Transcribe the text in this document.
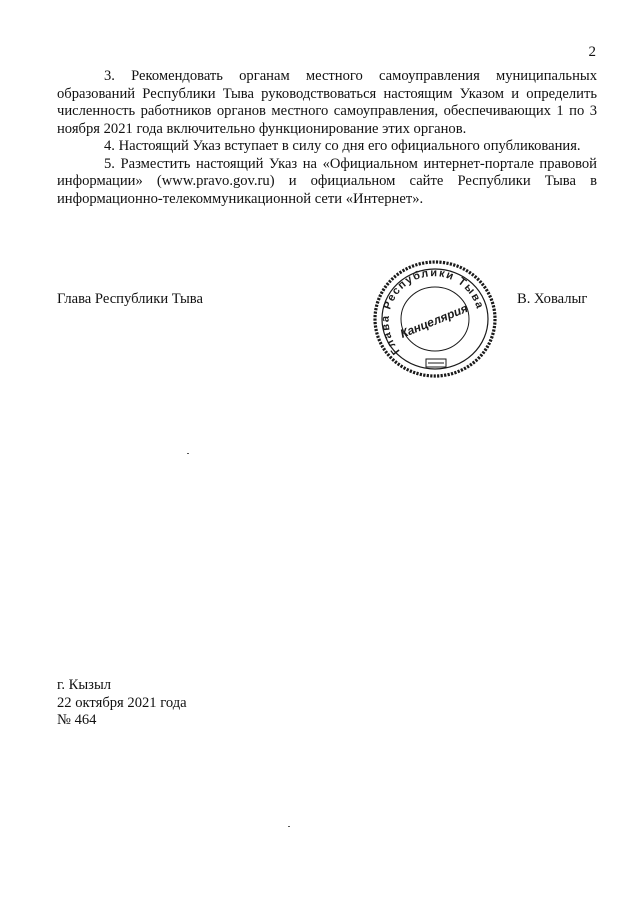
2

3. Рекомендовать органам местного самоуправления муниципальных образований Республики Тыва руководствоваться настоящим Указом и определить численность работников органов местного самоуправления, обеспечивающих 1 по 3 ноября 2021 года включительно функционирование этих органов.

4. Настоящий Указ вступает в силу со дня его официального опубликования.

5. Разместить настоящий Указ на «Официальном интернет-портале правовой информации» (www.pravo.gov.ru) и официальном сайте Республики Тыва в информационно-телекоммуникационной сети «Интернет».

Глава Республики Тыва
Глава Республики Тыва
Канцелярия
В. Ховалыг
г. Кызыл
22 октября 2021 года
№ 464
